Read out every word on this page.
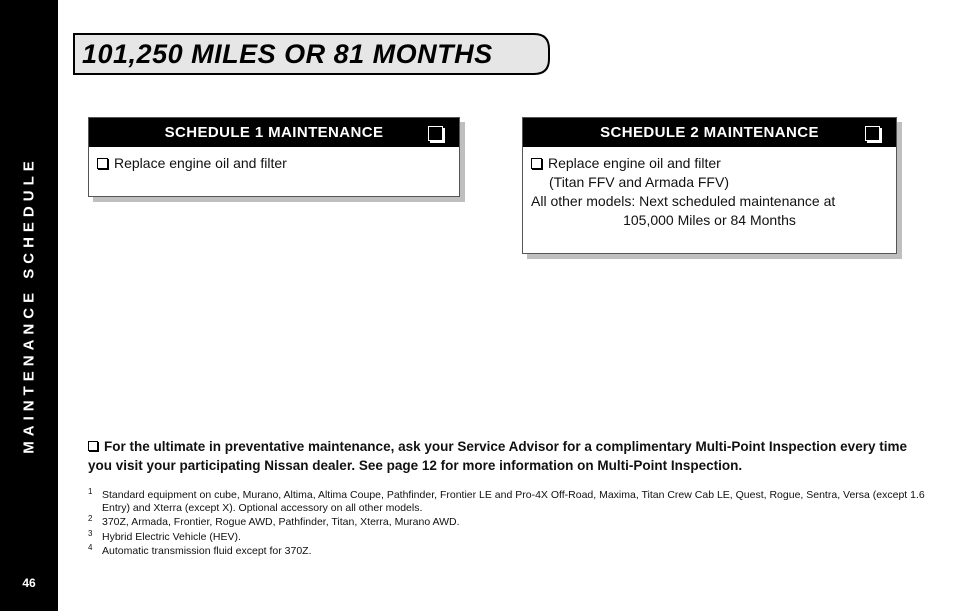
MAINTENANCE SCHEDULE
46
101,250 MILES OR 81 MONTHS
SCHEDULE 1 MAINTENANCE
Replace engine oil and filter
SCHEDULE 2 MAINTENANCE
Replace engine oil and filter
(Titan FFV and Armada FFV)
All other models: Next scheduled maintenance at
105,000 Miles or 84 Months
For the ultimate in preventative maintenance, ask your Service Advisor for a complimentary Multi-Point Inspection every time you visit your participating Nissan dealer. See page 12 for more information on Multi-Point Inspection.
1 Standard equipment on cube, Murano, Altima, Altima Coupe, Pathfinder, Frontier LE and Pro-4X Off-Road, Maxima, Titan Crew Cab LE, Quest, Rogue, Sentra, Versa (except 1.6 Entry) and Xterra (except X). Optional accessory on all other models.
2 370Z, Armada, Frontier, Rogue AWD, Pathfinder, Titan, Xterra, Murano AWD.
3 Hybrid Electric Vehicle (HEV).
4 Automatic transmission fluid except for 370Z.
